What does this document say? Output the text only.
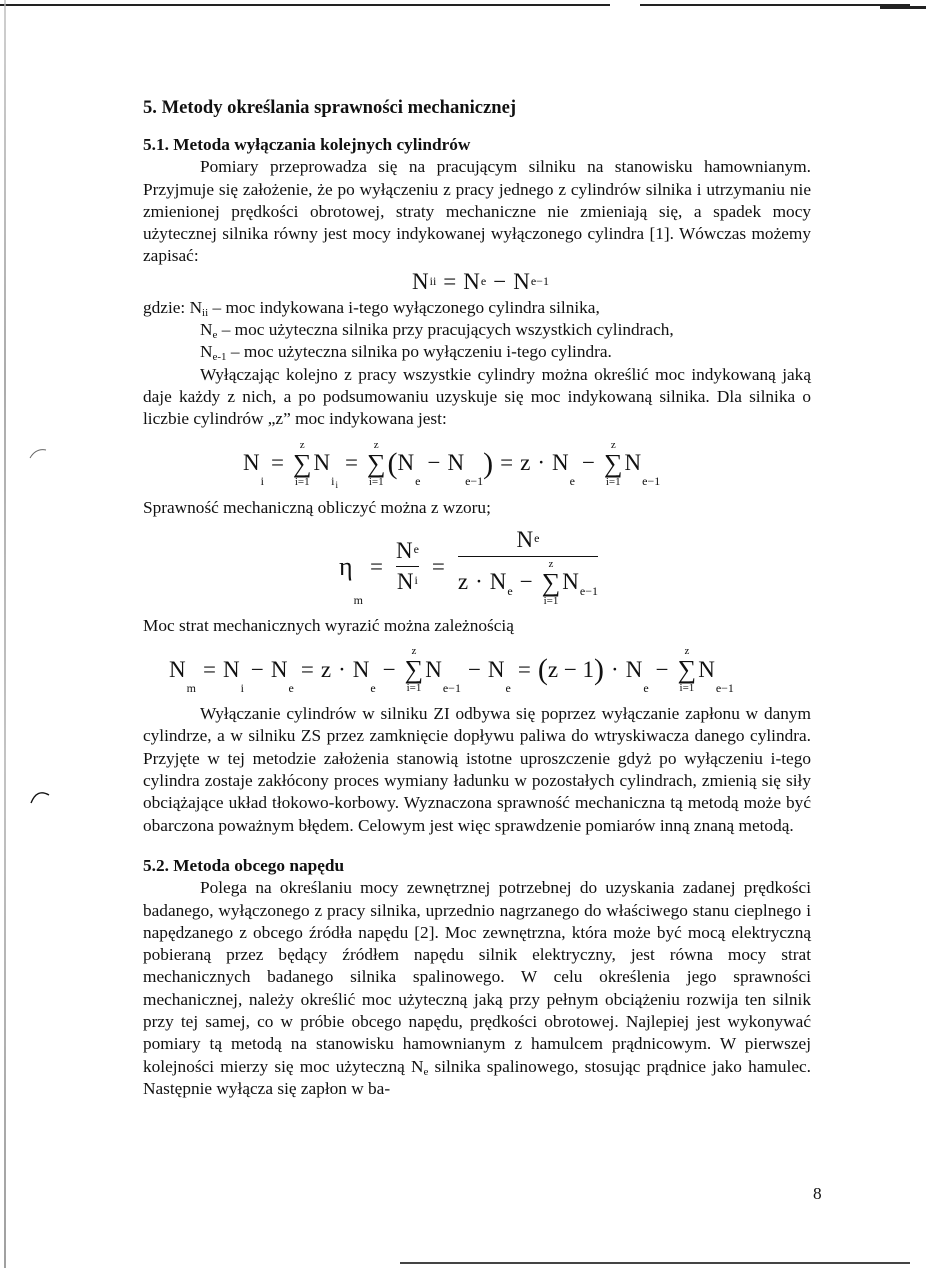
5. Metody określania sprawności mechanicznej
5.1. Metoda wyłączania kolejnych cylindrów

Pomiary przeprowadza się na pracującym silniku na stanowisku hamownianym. Przyjmuje się założenie, że po wyłączeniu z pracy jednego z cylindrów silnika i utrzymaniu nie zmienionej prędkości obrotowej, straty mechaniczne nie zmieniają się, a spadek mocy użytecznej silnika równy jest mocy indykowanej wyłączonego cylindra [1]. Wówczas możemy zapisać:

N ii = N e − N e−1

gdzie: $N_{ii}$ – moc indykowana i-tego wyłączonego cylindra silnika,

$N_e$ – moc użyteczna silnika przy pracujących wszystkich cylindrach,

$N_{e-1}$ – moc użyteczna silnika po wyłączeniu i-tego cylindra.

Wyłączając kolejno z pracy wszystkie cylindry można określić moc indykowaną jaką daje każdy z nich, a po podsumowaniu uzyskuje się moc indykowaną silnika. Dla silnika o liczbie cylindrów „z” moc indykowana jest:

N
i
=
z
∑
i=1
N
i i
=
z
∑
i=1
( N
e
− N
e−1
) = z · N
e
−
z
∑
i=1
N
e−1

Sprawność mechaniczną obliczyć można z wzoru;

η
m
= $\frac{\text{N e}}{\text{N i}} = N$ e
z · N e −
z
∑
i=1
N e−1

Moc strat mechanicznych wyrazić można zależnością

N
m
= N
i
− N
e
= z · N
e
−
z
∑
i=1
N
e−1
− N
e
= ( z − 1 ) · N
e
−
z
∑
i=1
N
e−1

Wyłączanie cylindrów w silniku ZI odbywa się poprzez wyłączanie zapłonu w danym cylindrze, a w silniku ZS przez zamknięcie dopływu paliwa do wtryskiwacza danego cylindra. Przyjęte w tej metodzie założenia stanowią istotne uproszczenie gdyż po wyłączeniu i-tego cylindra zostaje zakłócony proces wymiany ładunku w pozostałych cylindrach, zmienią się siły obciążające układ tłokowo-korbowy. Wyznaczona sprawność mechaniczna tą metodą może być obarczona poważnym błędem. Celowym jest więc sprawdzenie pomiarów inną znaną metodą.

5.2. Metoda obcego napędu

Polega na określaniu mocy zewnętrznej potrzebnej do uzyskania zadanej prędkości badanego, wyłączonego z pracy silnika, uprzednio nagrzanego do właściwego stanu cieplnego i napędzanego z obcego źródła napędu [2]. Moc zewnętrzna, która może być mocą elektryczną pobieraną przez będący źródłem napędu silnik elektryczny, jest równa mocy strat mechanicznych badanego silnika spalinowego. W celu określenia jego sprawności mechanicznej, należy określić moc użyteczną jaką przy pełnym obciążeniu rozwija ten silnik przy tej samej, co w próbie obcego napędu, prędkości obrotowej. Najlepiej jest wykonywać pomiary tą metodą na stanowisku hamownianym z hamulcem prądnicowym. W pierwszej kolejności mierzy się moc użyteczną $N_e$ silnika spalinowego, stosując prądnice jako hamulec. Następnie wyłącza się zapłon w ba-

8
